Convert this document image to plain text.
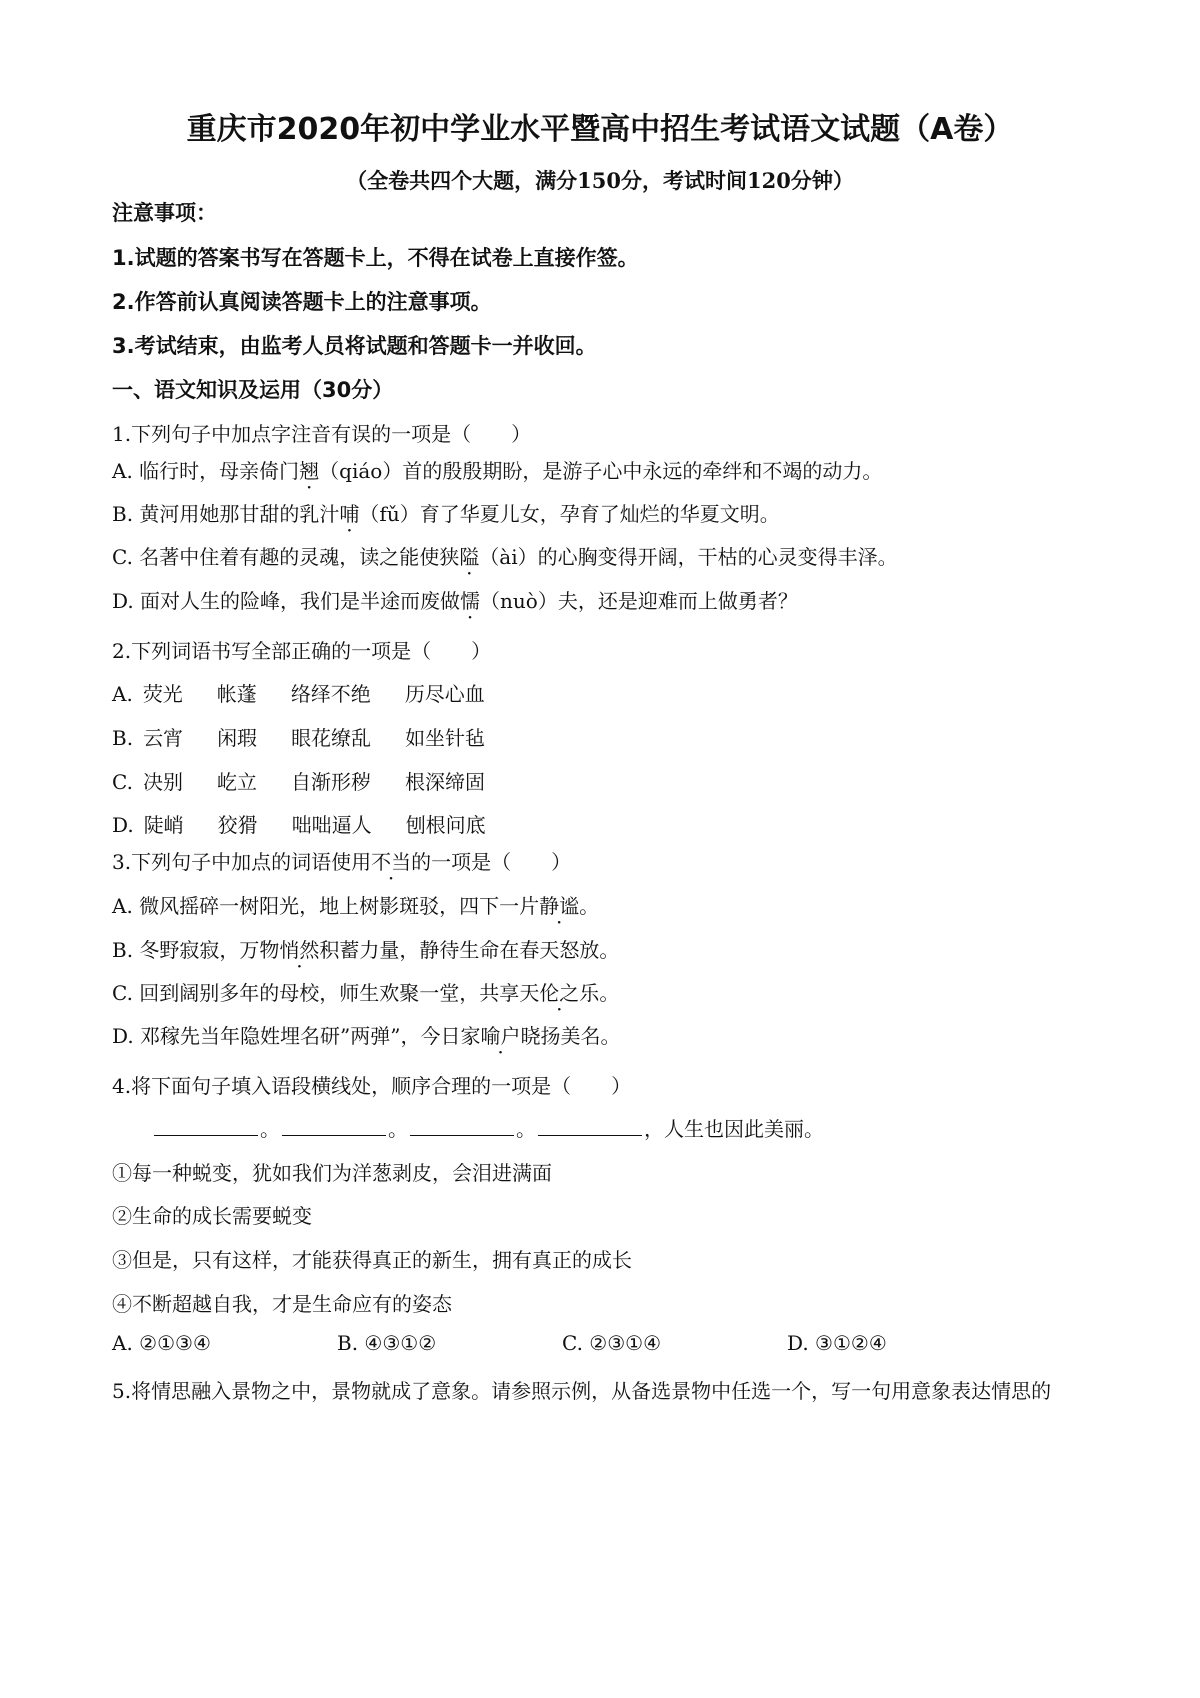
重庆市2020年初中学业水平暨高中招生考试语文试题（A卷）
（全卷共四个大题，满分150分，考试时间120分钟）
注意事项：
1.试题的答案书写在答题卡上，不得在试卷上直接作签。
2.作答前认真阅读答题卡上的注意事项。
3.考试结束，由监考人员将试题和答题卡一并收回。
一、语文知识及运用（30分）
1.下列句子中加点字注音有误的一项是（　　）
A. 临行时，母亲倚门翘（qiáo）首的殷殷期盼，是游子心中永远的牵绊和不竭的动力。
B. 黄河用她那甘甜的乳汁哺（fǔ）育了华夏儿女，孕育了灿烂的华夏文明。
C. 名著中住着有趣的灵魂，读之能使狭隘（ài）的心胸变得开阔，干枯的心灵变得丰泽。
D. 面对人生的险峰，我们是半途而废做懦（nuò）夫，还是迎难而上做勇者？
2.下列词语书写全部正确的一项是（　　）
A. 荧光 帐蓬 络绎不绝 历尽心血
B. 云宵 闲瑕 眼花缭乱 如坐针毡
C. 决别 屹立 自渐形秽 根深缔固
D. 陡峭 狡猾 咄咄逼人 刨根问底
3.下列句子中加点的词语使用不当的一项是（　　）
A. 微风摇碎一树阳光，地上树影斑驳，四下一片静谧。
B. 冬野寂寂，万物悄然积蓄力量，静待生命在春天怒放。
C. 回到阔别多年的母校，师生欢聚一堂，共享天伦之乐。
D. 邓稼先当年隐姓埋名研”两弹”，今日家喻户晓扬美名。
4.将下面句子填入语段横线处，顺序合理的一项是（　　）
。	。	。	，人生也因此美丽。
①每一种蜕变，犹如我们为洋葱剥皮，会泪进满面
②生命的成长需要蜕变
③但是，只有这样，才能获得真正的新生，拥有真正的成长
④不断超越自我，才是生命应有的姿态
A. ②①③④	B. ④③①②	C. ②③①④	D. ③①②④
5.将情思融入景物之中，景物就成了意象。请参照示例，从备选景物中任选一个，写一句用意象表达情思的
